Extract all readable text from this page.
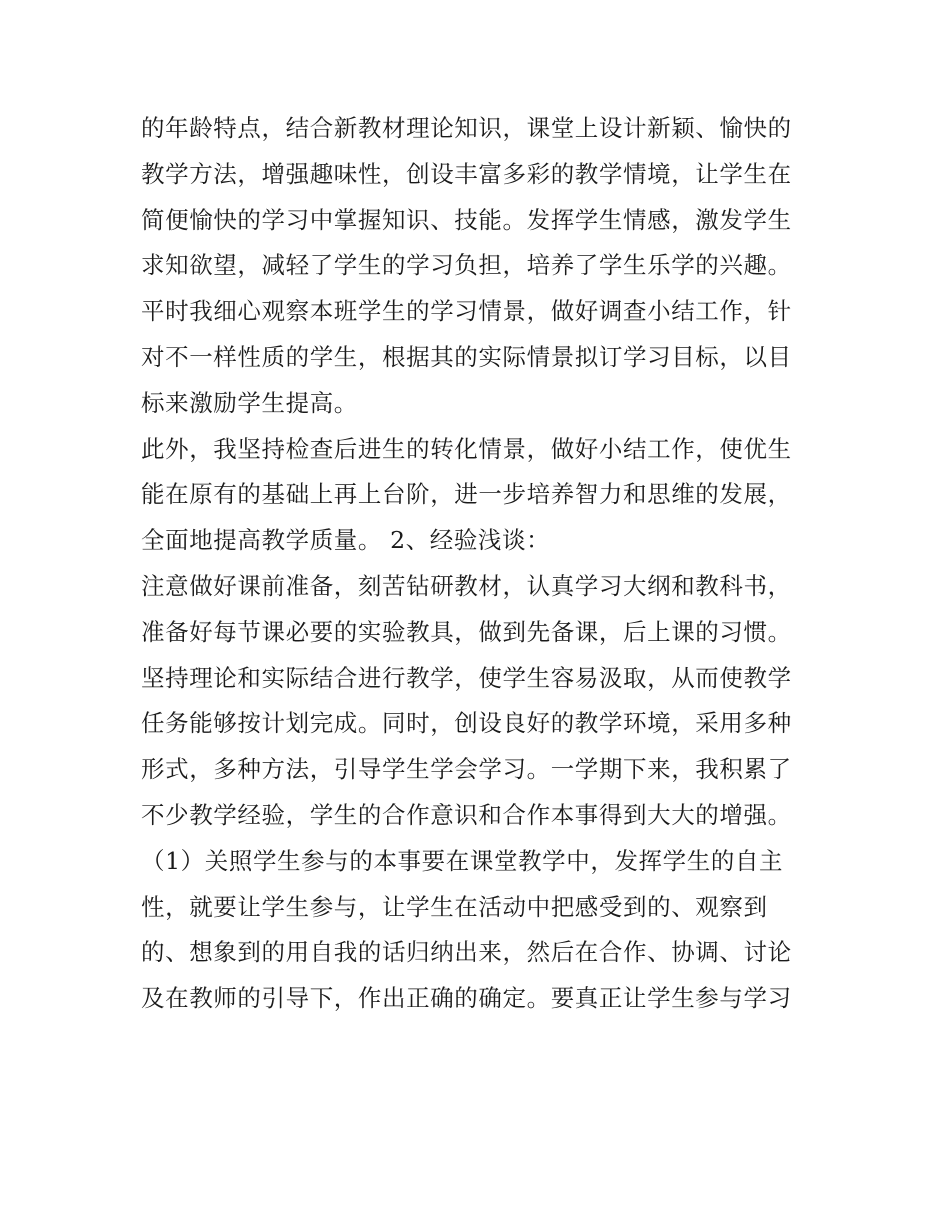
的年龄特点，结合新教材理论知识，课堂上设计新颖、愉快的
教学方法，增强趣味性，创设丰富多彩的教学情境，让学生在
简便愉快的学习中掌握知识、技能。发挥学生情感，激发学生
求知欲望，减轻了学生的学习负担，培养了学生乐学的兴趣。
平时我细心观察本班学生的学习情景，做好调查小结工作，针
对不一样性质的学生，根据其的实际情景拟订学习目标，以目
标来激励学生提高。
此外，我坚持检查后进生的转化情景，做好小结工作，使优生
能在原有的基础上再上台阶，进一步培养智力和思维的发展，
全面地提高教学质量。 2、经验浅谈：
注意做好课前准备，刻苦钻研教材，认真学习大纲和教科书，
准备好每节课必要的实验教具，做到先备课，后上课的习惯。
坚持理论和实际结合进行教学，使学生容易汲取，从而使教学
任务能够按计划完成。同时，创设良好的教学环境，采用多种
形式，多种方法，引导学生学会学习。一学期下来，我积累了
不少教学经验，学生的合作意识和合作本事得到大大的增强。
（1）关照学生参与的本事要在课堂教学中，发挥学生的自主
性，就要让学生参与，让学生在活动中把感受到的、观察到
的、想象到的用自我的话归纳出来，然后在合作、协调、讨论
及在教师的引导下，作出正确的确定。要真正让学生参与学习
